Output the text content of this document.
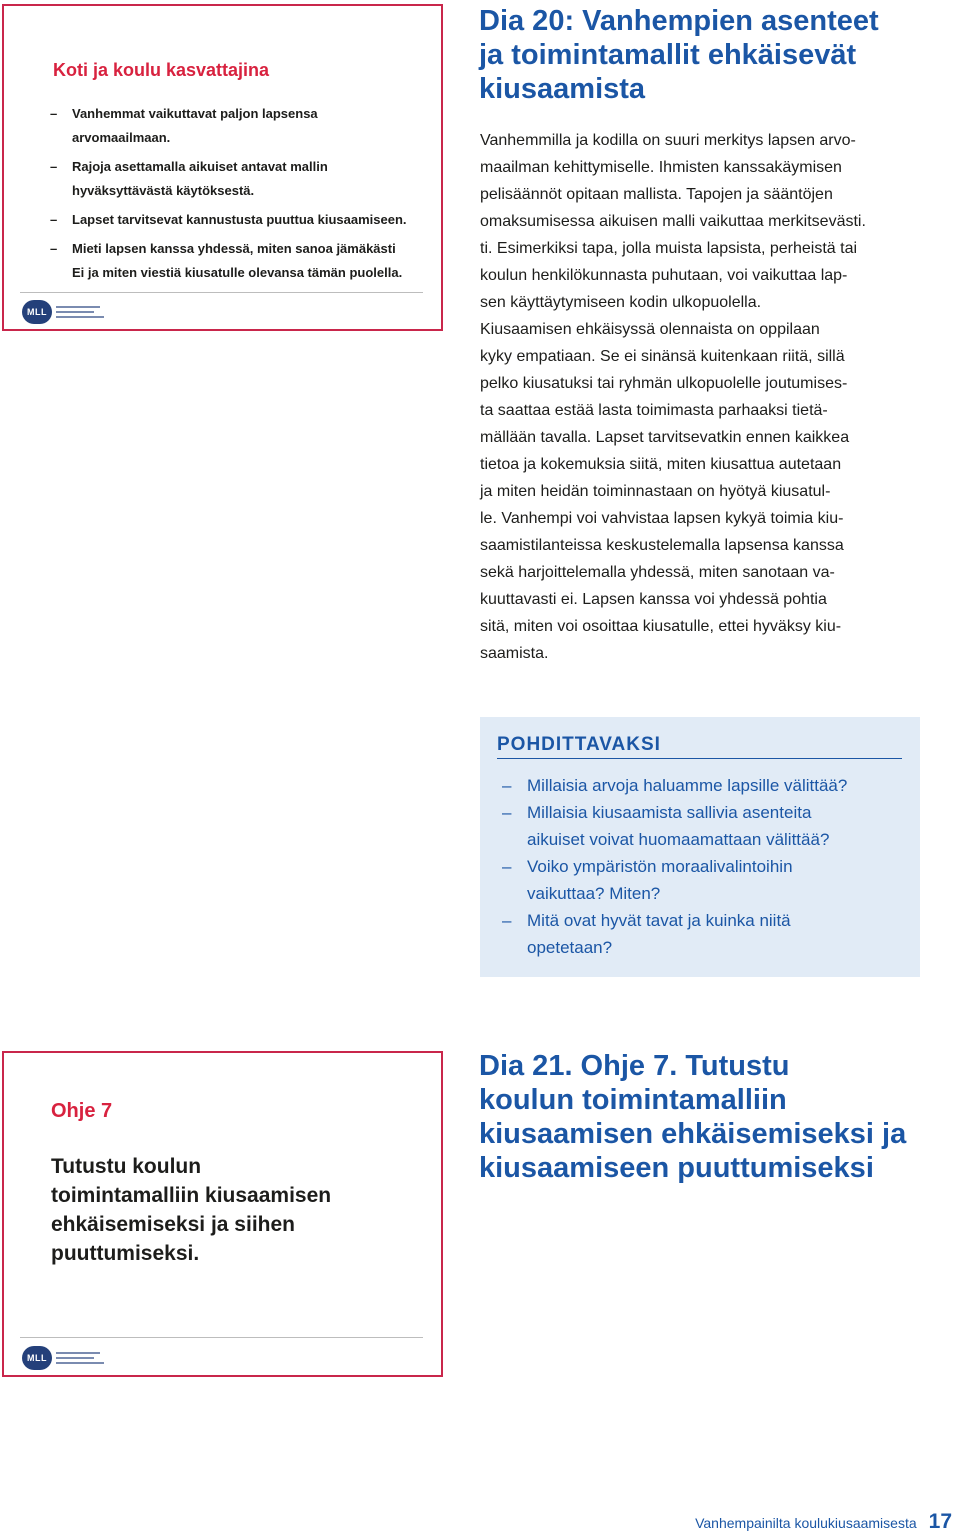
Koti ja koulu kasvattajina
– Vanhemmat vaikuttavat paljon lapsensa
arvomaailmaan.
– Rajoja asettamalla aikuiset antavat mallin
hyväksyttävästä käytöksestä.
– Lapset tarvitsevat kannustusta puuttua kiusaamiseen.
– Mieti lapsen kanssa yhdessä, miten sanoa jämäkästi
Ei ja miten viestiä kiusatulle olevansa tämän puolella.
MLL
Dia 20: Vanhempien asenteet
ja toimintamallit ehkäisevät
kiusaamista

Vanhemmilla ja kodilla on suuri merkitys lapsen arvo-
maailman kehittymiselle. Ihmisten kanssakäymisen
pelisäännöt opitaan mallista. Tapojen ja sääntöjen
omaksumisessa aikuisen malli vaikuttaa merkitsevästi.
ti. Esimerkiksi tapa, jolla muista lapsista, perheistä tai
koulun henkilökunnasta puhutaan, voi vaikuttaa lap-
sen käyttäytymiseen kodin ulkopuolella.

Kiusaamisen ehkäisyssä olennaista on oppilaan
kyky empatiaan. Se ei sinänsä kuitenkaan riitä, sillä
pelko kiusatuksi tai ryhmän ulkopuolelle joutumises-
ta saattaa estää lasta toimimasta parhaaksi tietä-
mällään tavalla. Lapset tarvitsevatkin ennen kaikkea
tietoa ja kokemuksia siitä, miten kiusattua autetaan
ja miten heidän toiminnastaan on hyötyä kiusatul-
le. Vanhempi voi vahvistaa lapsen kykyä toimia kiu-
saamistilanteissa keskustelemalla lapsensa kanssa
sekä harjoittelemalla yhdessä, miten sanotaan va-
kuuttavasti ei. Lapsen kanssa voi yhdessä pohtia
sitä, miten voi osoittaa kiusatulle, ettei hyväksy kiu-
saamista.

POHDITTAVAKSI
– Millaisia arvoja haluamme lapsille välittää?
– Millaisia kiusaamista sallivia asenteita
aikuiset voivat huomaamattaan välittää?
– Voiko ympäristön moraalivalintoihin
vaikuttaa? Miten?
– Mitä ovat hyvät tavat ja kuinka niitä
opetetaan?
Ohje 7

Tutustu koulun
toimintamalliin kiusaamisen
ehkäisemiseksi ja siihen
puuttumiseksi.

MLL
Dia 21. Ohje 7. Tutustu
koulun toimintamalliin
kiusaamisen ehkäisemiseksi ja
kiusaamiseen puuttumiseksi
Vanhempainilta koulukiusaamisesta 17
